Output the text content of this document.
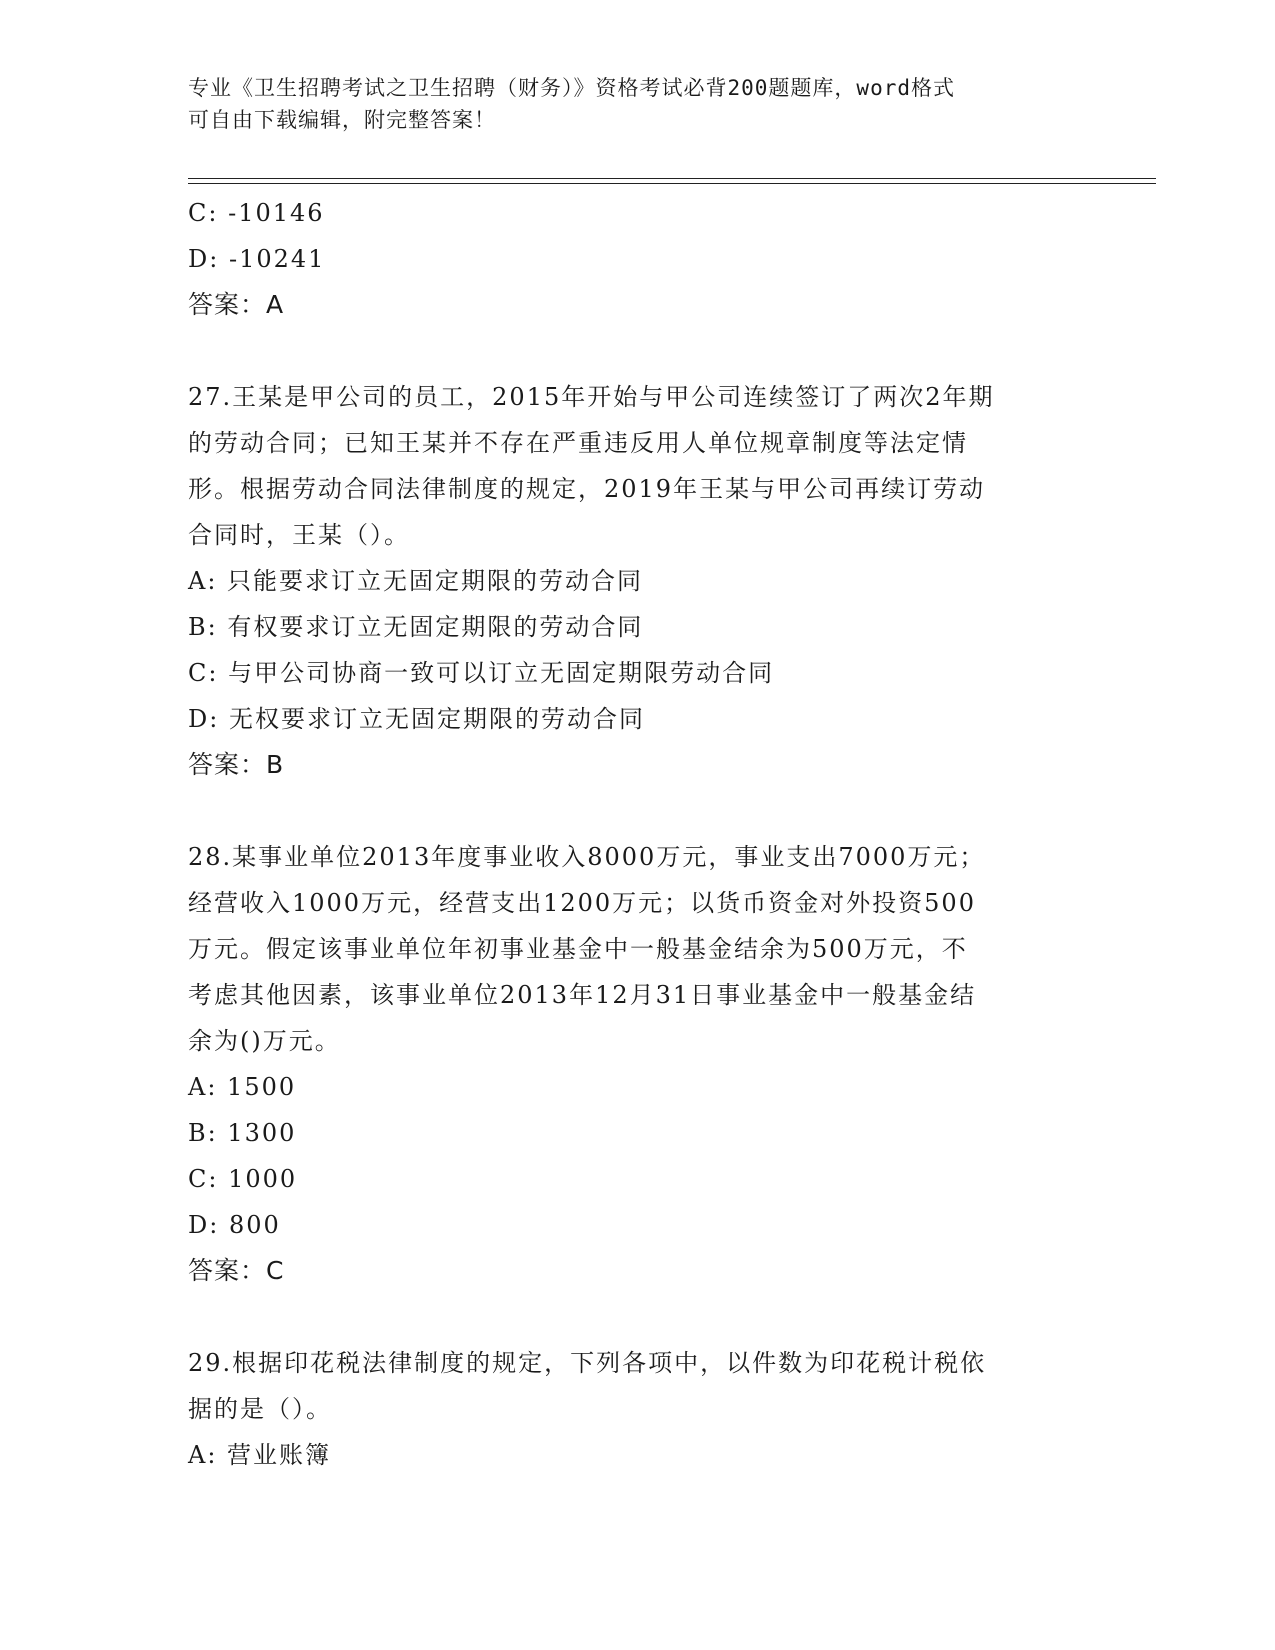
专业《卫生招聘考试之卫生招聘（财务）》资格考试必背200题题库，word格式
可自由下载编辑，附完整答案！
C: -10146
D: -10241
答案：A
27.王某是甲公司的员工，2015年开始与甲公司连续签订了两次2年期
的劳动合同；已知王某并不存在严重违反用人单位规章制度等法定情
形。根据劳动合同法律制度的规定，2019年王某与甲公司再续订劳动
合同时，王某（）。
A: 只能要求订立无固定期限的劳动合同
B: 有权要求订立无固定期限的劳动合同
C: 与甲公司协商一致可以订立无固定期限劳动合同
D: 无权要求订立无固定期限的劳动合同
答案：B
28.某事业单位2013年度事业收入8000万元，事业支出7000万元；
经营收入1000万元，经营支出1200万元；以货币资金对外投资500
万元。假定该事业单位年初事业基金中一般基金结余为500万元，不
考虑其他因素，该事业单位2013年12月31日事业基金中一般基金结
余为()万元。
A: 1500
B: 1300
C: 1000
D: 800
答案：C
29.根据印花税法律制度的规定，下列各项中，以件数为印花税计税依
据的是（）。
A: 营业账簿
